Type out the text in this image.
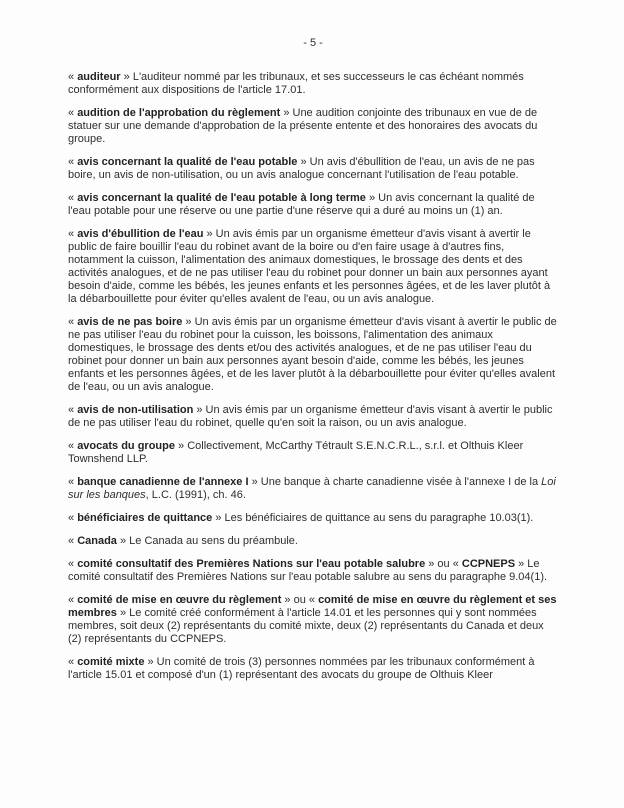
- 5 -

« auditeur » L'auditeur nommé par les tribunaux, et ses successeurs le cas échéant nommés conformément aux dispositions de l'article 17.01.

« audition de l'approbation du règlement » Une audition conjointe des tribunaux en vue de de statuer sur une demande d'approbation de la présente entente et des honoraires des avocats du groupe.

« avis concernant la qualité de l'eau potable » Un avis d'ébullition de l'eau, un avis de ne pas boire, un avis de non-utilisation, ou un avis analogue concernant l'utilisation de l'eau potable.

« avis concernant la qualité de l'eau potable à long terme » Un avis concernant la qualité de l'eau potable pour une réserve ou une partie d'une réserve qui a duré au moins un (1) an.

« avis d'ébullition de l'eau » Un avis émis par un organisme émetteur d'avis visant à avertir le public de faire bouillir l'eau du robinet avant de la boire ou d'en faire usage à d'autres fins, notamment la cuisson, l'alimentation des animaux domestiques, le brossage des dents et des activités analogues, et de ne pas utiliser l'eau du robinet pour donner un bain aux personnes ayant besoin d'aide, comme les bébés, les jeunes enfants et les personnes âgées, et de les laver plutôt à la débarbouillette pour éviter qu'elles avalent de l'eau, ou un avis analogue.

« avis de ne pas boire » Un avis émis par un organisme émetteur d'avis visant à avertir le public de ne pas utiliser l'eau du robinet pour la cuisson, les boissons, l'alimentation des animaux domestiques, le brossage des dents et/ou des activités analogues, et de ne pas utiliser l'eau du robinet pour donner un bain aux personnes ayant besoin d'aide, comme les bébés, les jeunes enfants et les personnes âgées, et de les laver plutôt à la débarbouillette pour éviter qu'elles avalent de l'eau, ou un avis analogue.

« avis de non-utilisation » Un avis émis par un organisme émetteur d'avis visant à avertir le public de ne pas utiliser l'eau du robinet, quelle qu'en soit la raison, ou un avis analogue.

« avocats du groupe » Collectivement, McCarthy Tétrault S.E.N.C.R.L., s.r.l. et Olthuis Kleer Townshend LLP.

« banque canadienne de l'annexe I » Une banque à charte canadienne visée à l'annexe I de la Loi sur les banques, L.C. (1991), ch. 46.

« bénéficiaires de quittance » Les bénéficiaires de quittance au sens du paragraphe 10.03(1).

« Canada » Le Canada au sens du préambule.

« comité consultatif des Premières Nations sur l'eau potable salubre » ou « CCPNEPS » Le comité consultatif des Premières Nations sur l'eau potable salubre au sens du paragraphe 9.04(1).

« comité de mise en œuvre du règlement » ou « comité de mise en œuvre du règlement et ses membres » Le comité créé conformément à l'article 14.01 et les personnes qui y sont nommées membres, soit deux (2) représentants du comité mixte, deux (2) représentants du Canada et deux (2) représentants du CCPNEPS.

« comité mixte » Un comité de trois (3) personnes nommées par les tribunaux conformément à l'article 15.01 et composé d'un (1) représentant des avocats du groupe de Olthuis Kleer
